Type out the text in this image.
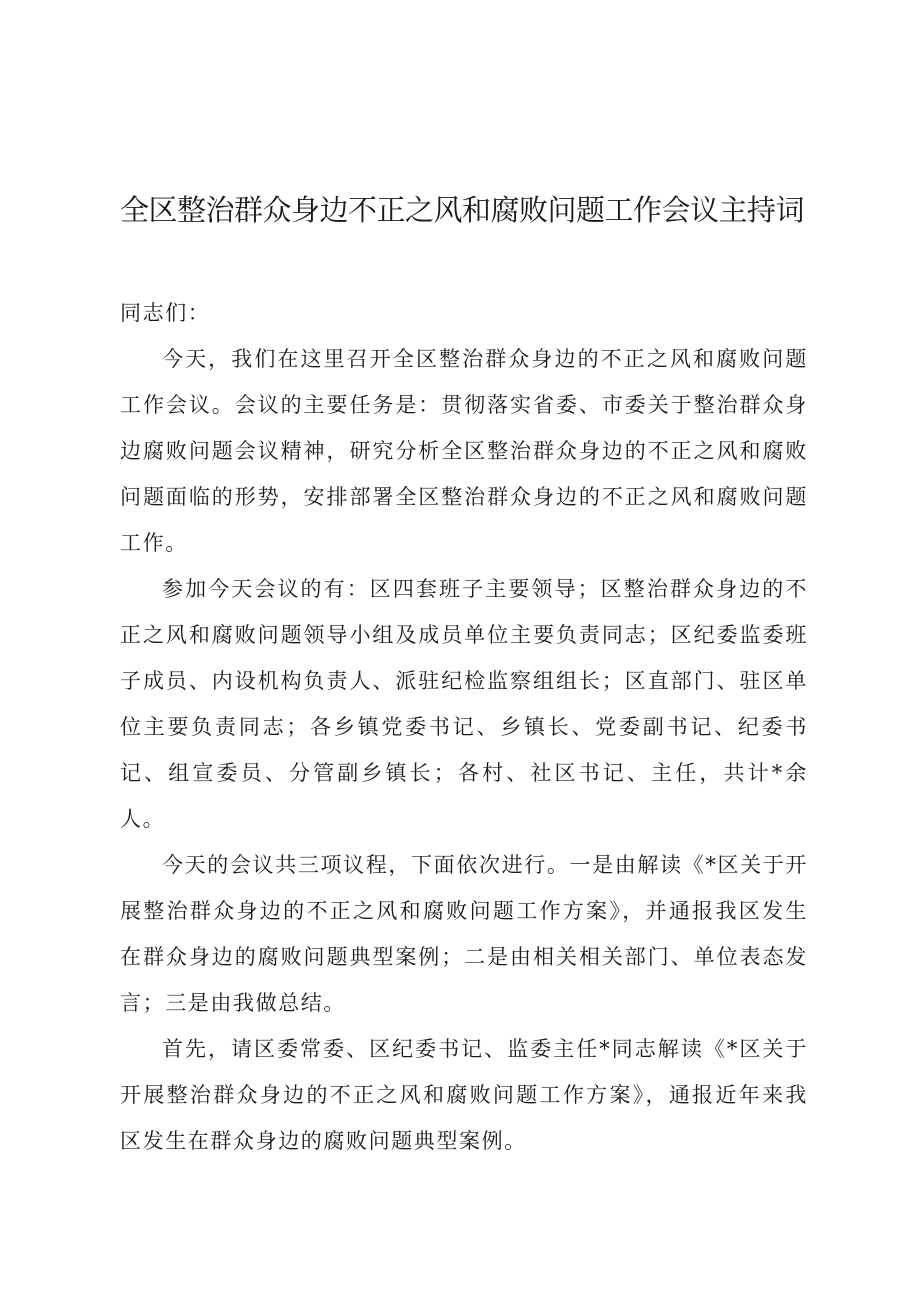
全区整治群众身边不正之风和腐败问题工作会议主持词

同志们：

今天，我们在这里召开全区整治群众身边的不正之风和腐败问题工作会议。会议的主要任务是：贯彻落实省委、市委关于整治群众身边腐败问题会议精神，研究分析全区整治群众身边的不正之风和腐败问题面临的形势，安排部署全区整治群众身边的不正之风和腐败问题工作。

参加今天会议的有：区四套班子主要领导；区整治群众身边的不正之风和腐败问题领导小组及成员单位主要负责同志；区纪委监委班子成员、内设机构负责人、派驻纪检监察组组长；区直部门、驻区单位主要负责同志；各乡镇党委书记、乡镇长、党委副书记、纪委书记、组宣委员、分管副乡镇长；各村、社区书记、主任，共计*余人。

今天的会议共三项议程，下面依次进行。一是由解读《*区关于开展整治群众身边的不正之风和腐败问题工作方案》，并通报我区发生在群众身边的腐败问题典型案例；二是由相关相关部门、单位表态发言；三是由我做总结。

首先，请区委常委、区纪委书记、监委主任*同志解读《*区关于开展整治群众身边的不正之风和腐败问题工作方案》，通报近年来我区发生在群众身边的腐败问题典型案例。
